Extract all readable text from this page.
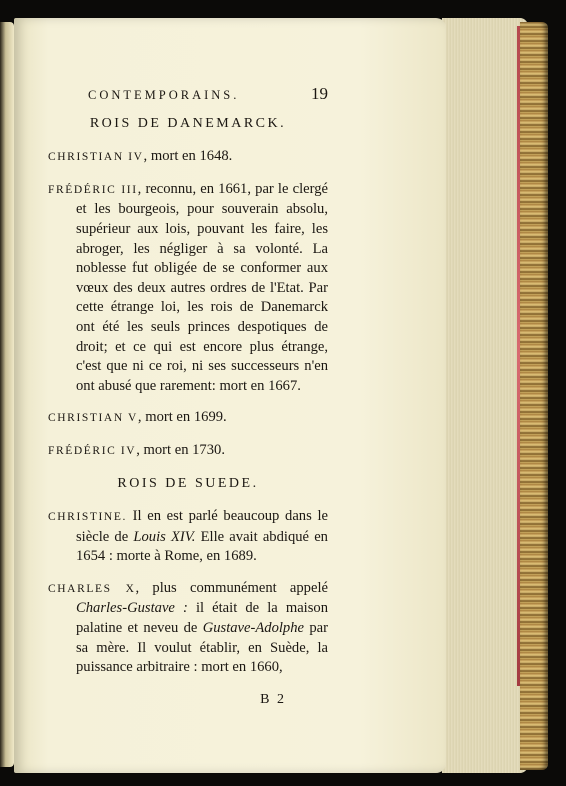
CONTEMPORAINS.	19
ROIS DE DANEMARCK.

CHRISTIAN IV, mort en 1648.

FRÉDÉRIC III, reconnu, en 1661, par le clergé et les bourgeois, pour souverain absolu, supérieur aux lois, pouvant les faire, les abroger, les négliger à sa volonté. La noblesse fut obligée de se conformer aux vœux des deux autres ordres de l'Etat. Par cette étrange loi, les rois de Danemarck ont été les seuls princes despotiques de droit; et ce qui est encore plus étrange, c'est que ni ce roi, ni ses successeurs n'en ont abusé que rarement: mort en 1667.

CHRISTIAN V, mort en 1699.

FRÉDÉRIC IV, mort en 1730.

ROIS DE SUEDE.

CHRISTINE. Il en est parlé beaucoup dans le siècle de Louis XIV. Elle avait abdiqué en 1654 : morte à Rome, en 1689.

CHARLES X, plus communément appelé Charles-Gustave : il était de la maison palatine et neveu de Gustave-Adolphe par sa mère. Il voulut établir, en Suède, la puissance arbitraire : mort en 1660,

B 2
